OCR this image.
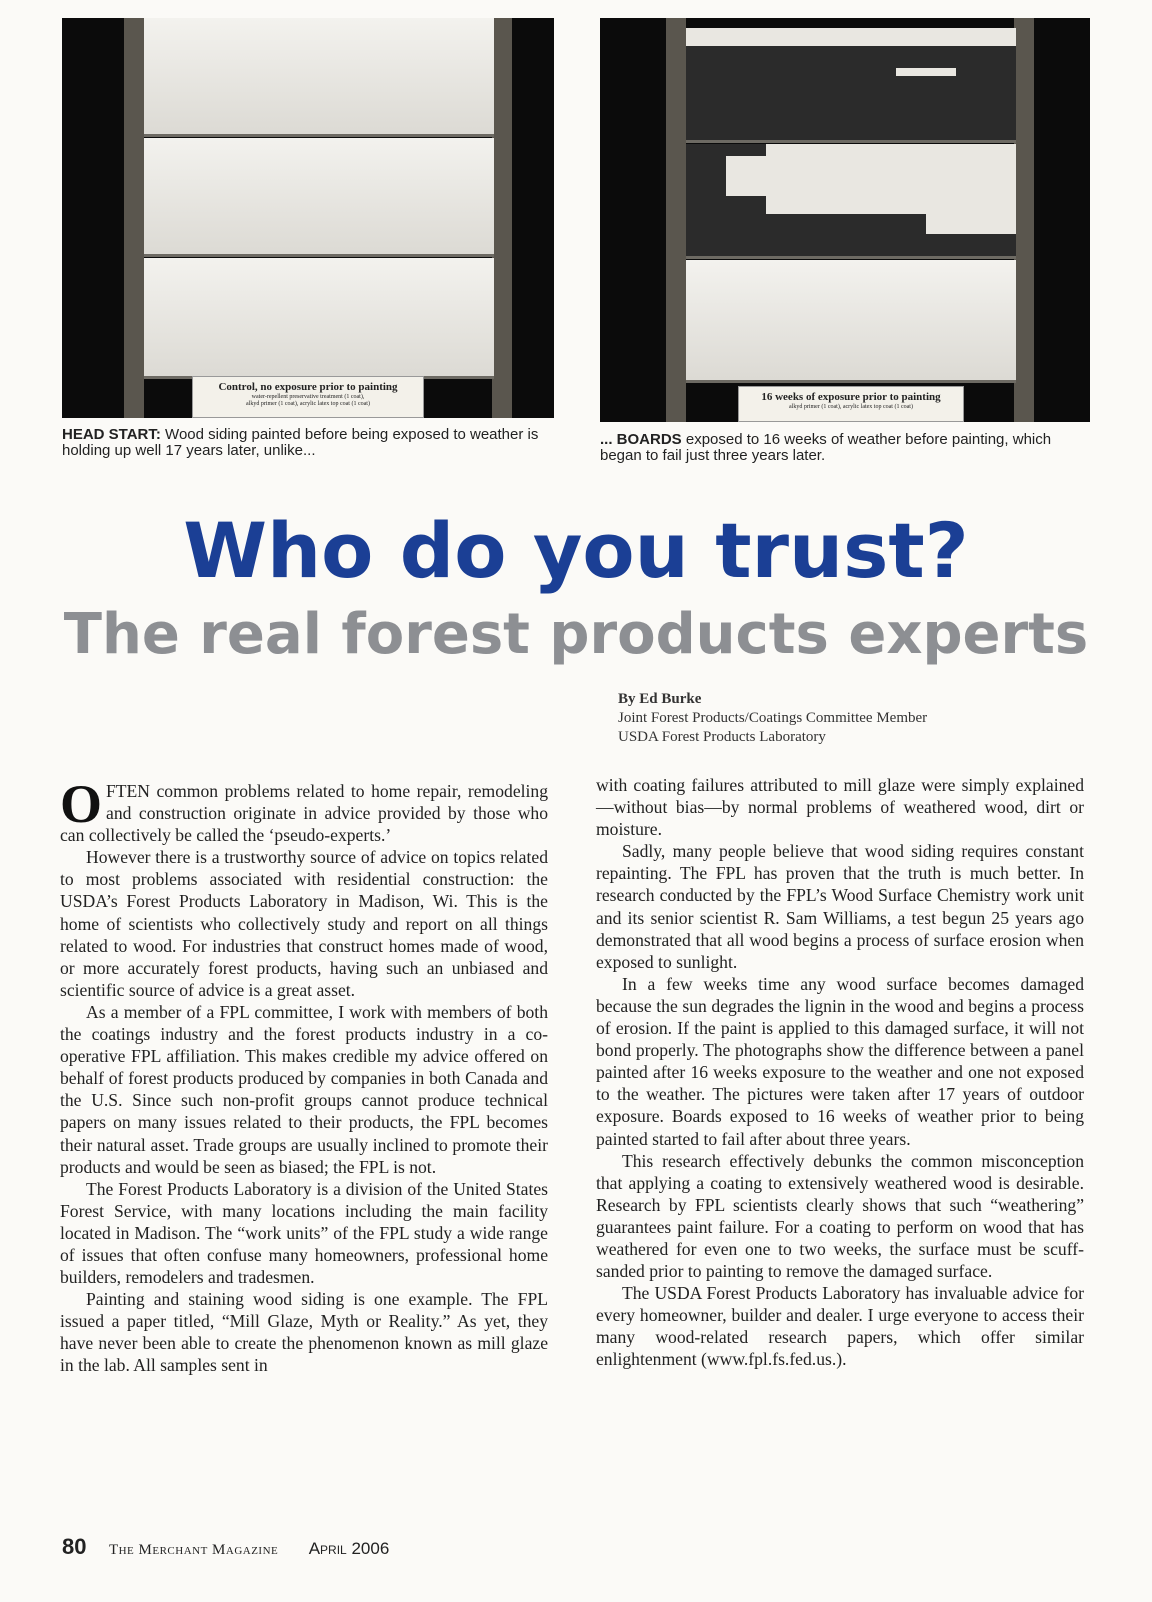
Control, no exposure prior to painting
water-repellent preservative treatment (1 coat),
alkyd primer (1 coat), acrylic latex top coat (1 coat)
16 weeks of exposure prior to painting
alkyd primer (1 coat), acrylic latex top coat (1 coat)
HEAD START: Wood siding painted before being exposed to weather is holding up well 17 years later, unlike...
... BOARDS exposed to 16 weeks of weather before painting, which began to fail just three years later.
Who do you trust?
The real forest products experts
By Ed Burke
Joint Forest Products/Coatings Committee Member
USDA Forest Products Laboratory

OFTEN common problems related to home repair, remodeling and construction originate in advice provided by those who can collectively be called the ‘pseudo-experts.’

However there is a trustworthy source of advice on topics related to most problems associated with residential construction: the USDA’s Forest Products Laboratory in Madison, Wi. This is the home of scientists who collectively study and report on all things related to wood. For industries that construct homes made of wood, or more accurately forest products, having such an unbiased and scientific source of advice is a great asset.

As a member of a FPL committee, I work with members of both the coatings industry and the forest products industry in a co-operative FPL affiliation. This makes credible my advice offered on behalf of forest products produced by companies in both Canada and the U.S. Since such non-profit groups cannot produce technical papers on many issues related to their products, the FPL becomes their natural asset. Trade groups are usually inclined to promote their products and would be seen as biased; the FPL is not.

The Forest Products Laboratory is a division of the United States Forest Service, with many locations including the main facility located in Madison. The “work units” of the FPL study a wide range of issues that often confuse many homeowners, professional home builders, remodelers and tradesmen.

Painting and staining wood siding is one example. The FPL issued a paper titled, “Mill Glaze, Myth or Reality.” As yet, they have never been able to create the phenomenon known as mill glaze in the lab. All samples sent in

with coating failures attributed to mill glaze were simply explained—without bias—by normal problems of weathered wood, dirt or moisture.

Sadly, many people believe that wood siding requires constant repainting. The FPL has proven that the truth is much better. In research conducted by the FPL’s Wood Surface Chemistry work unit and its senior scientist R. Sam Williams, a test begun 25 years ago demonstrated that all wood begins a process of surface erosion when exposed to sunlight.

In a few weeks time any wood surface becomes damaged because the sun degrades the lignin in the wood and begins a process of erosion. If the paint is applied to this damaged surface, it will not bond properly. The photographs show the difference between a panel painted after 16 weeks exposure to the weather and one not exposed to the weather. The pictures were taken after 17 years of outdoor exposure. Boards exposed to 16 weeks of weather prior to being painted started to fail after about three years.

This research effectively debunks the common misconception that applying a coating to extensively weathered wood is desirable. Research by FPL scientists clearly shows that such “weathering” guarantees paint failure. For a coating to perform on wood that has weathered for even one to two weeks, the surface must be scuff-sanded prior to painting to remove the damaged surface.

The USDA Forest Products Laboratory has invaluable advice for every homeowner, builder and dealer. I urge everyone to access their many wood-related research papers, which offer similar enlightenment (www.fpl.fs.fed.us.).

80 The Merchant Magazine April 2006
